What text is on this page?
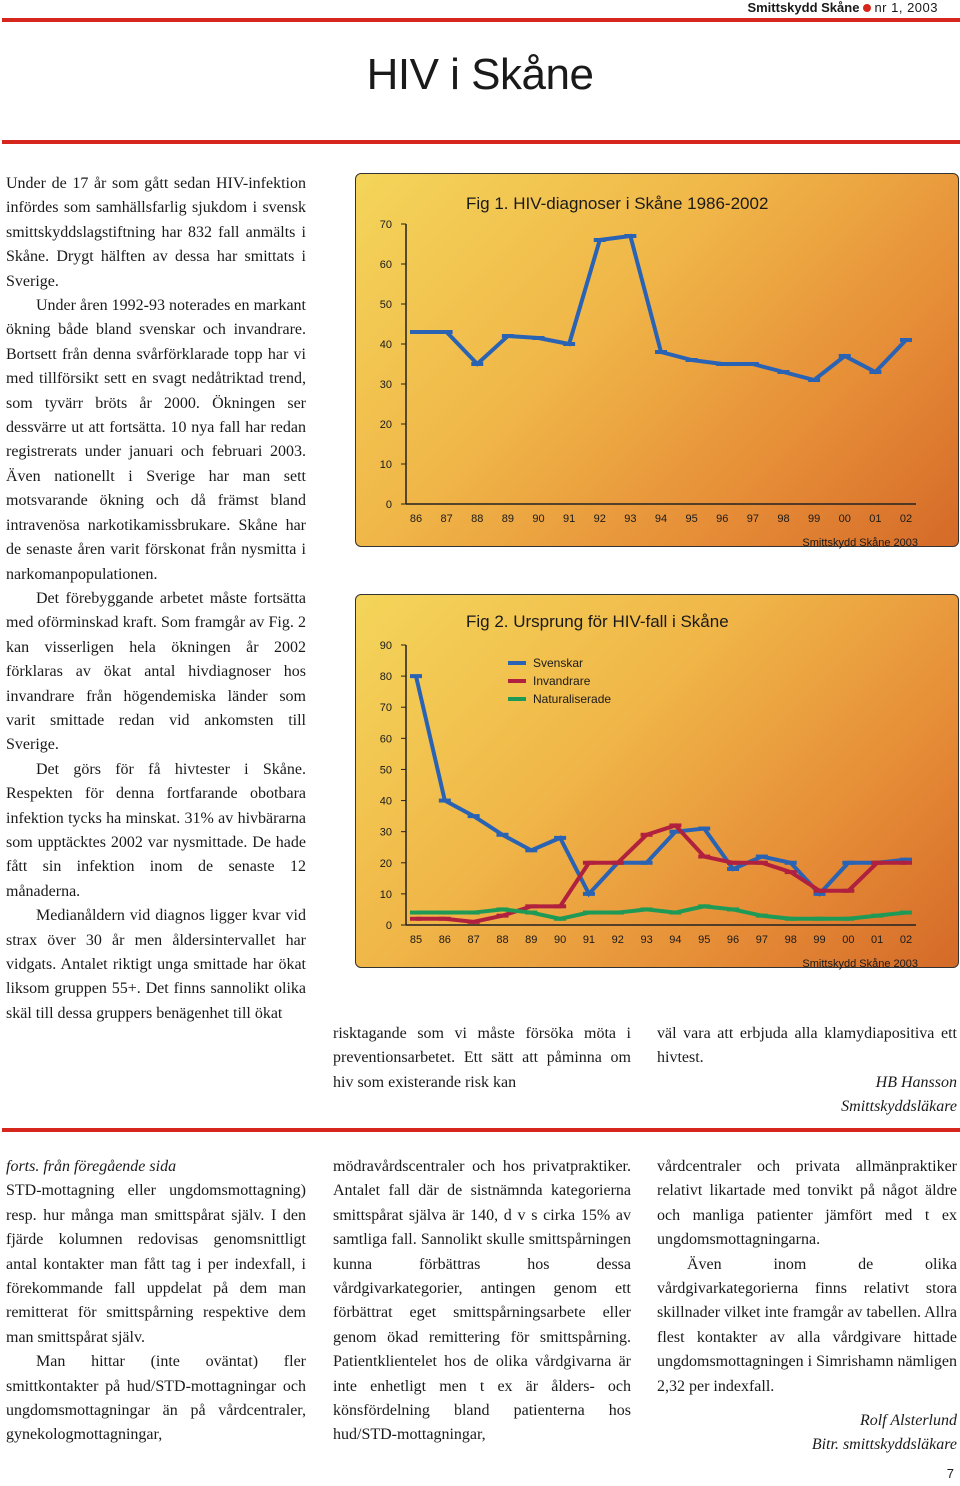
Smittskydd Skåne nr 1, 2003
HIV i Skåne

Under de 17 år som gått sedan HIV-infektion infördes som samhällsfarlig sjukdom i svensk smittskyddslagstiftning har 832 fall anmälts i Skåne. Drygt hälften av dessa har smittats i Sverige.

Under åren 1992-93 noterades en markant ökning både bland svenskar och invandrare. Bortsett från denna svårförklarade topp har vi med tillförsikt sett en svagt nedåtriktad trend, som tyvärr bröts år 2000. Ökningen ser dessvärre ut att fortsätta. 10 nya fall har redan registrerats under januari och februari 2003. Även nationellt i Sverige har man sett motsvarande ökning och då främst bland intravenösa narkotikamissbrukare. Skåne har de senaste åren varit förskonat från nysmitta i narkomanpopulationen.

Det förebyggande arbetet måste fortsätta med oförminskad kraft. Som framgår av Fig. 2 kan visserligen hela ökningen år 2002 förklaras av ökat antal hivdiagnoser hos invandrare från högendemiska länder som varit smittade redan vid ankomsten till Sverige.

Det görs för få hivtester i Skåne. Respekten för denna fortfarande obotbara infektion tycks ha minskat. 31% av hivbärarna som upptäcktes 2002 var nysmittade. De hade fått sin infektion inom de senaste 12 månaderna.

Medianåldern vid diagnos ligger kvar vid strax över 30 år men åldersintervallet har vidgats. Antalet riktigt unga smittade har ökat liksom gruppen 55+. Det finns sannolikt olika skäl till dessa gruppers benägenhet till ökat

Fig 1. HIV-diagnoser i Skåne 1986-2002
0
10
20
30
40
50
60
70
86 87 88 89 90 91 92 93 94 95 96 97 98 99 00 01 02
Smittskydd Skåne 2003
Fig 2. Ursprung för HIV-fall i Skåne
0
10
20
30
40
50
60
70
80
90
85 86 87 88 89 90 91 92 93 94 95 96 97 98 99 00 01 02
Svenskar
Invandrare
Naturaliserade
Smittskydd Skåne 2003

risktagande som vi måste försöka möta i preventionsarbetet. Ett sätt att påminna om hiv som existerande risk kan

väl vara att erbjuda alla klamydiapositiva ett hivtest.

HB Hansson

Smittskyddsläkare

forts. från föregående sida

STD-mottagning eller ungdomsmottagning) resp. hur många man smittspårat själv. I den fjärde kolumnen redovisas genomsnittligt antal kontakter man fått tag i per indexfall, i förekommande fall uppdelat på dem man remitterat för smittspårning respektive dem man smittspårat själv.

Man hittar (inte oväntat) fler smittkontakter på hud/STD-mottagningar och ungdomsmottagningar än på vårdcentraler, gynekologmottagningar,

mödravårdscentraler och hos privatpraktiker. Antalet fall där de sistnämnda kategorierna smittspårat själva är 140, d v s cirka 15% av samtliga fall. Sannolikt skulle smittspårningen kunna förbättras hos dessa vårdgivarkategorier, antingen genom ett förbättrat eget smittspårningsarbete eller genom ökad remittering för smittspårning. Patientklientelet hos de olika vårdgivarna är inte enhetligt men t ex är ålders- och könsfördelning bland patienterna hos hud/STD-mottagningar,

vårdcentraler och privata allmänpraktiker relativt likartade med tonvikt på något äldre och manliga patienter jämfört med t ex ungdomsmottagningarna.

Även inom de olika vårdgivarkategorierna finns relativt stora skillnader vilket inte framgår av tabellen. Allra flest kontakter av alla vårdgivare hittade ungdomsmottagningen i Simrishamn nämligen 2,32 per indexfall.

Rolf Alsterlund

Bitr. smittskyddsläkare

7
